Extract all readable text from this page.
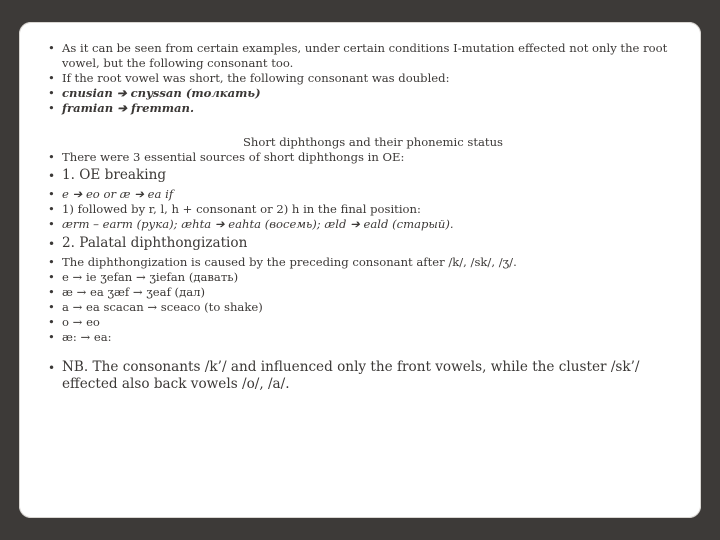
• As it can be seen from certain examples, under certain conditions I-mutation effected not only the root vowel, but the following consonant too.
• If the root vowel was short, the following consonant was doubled:
• cnusian ➔ cnyssan (толкать)
• framian ➔ fremman.
Short diphthongs and their phonemic status
• There were 3 essential sources of short diphthongs in OE:
• 1. OE breaking
• e ➔ eo or æ ➔ ea if
• 1) followed by r, l, h + consonant or 2) h in the final position:
• ærm – earm (рука); æhta ➔ eahta (восемь); æld ➔ eald (старый).
• 2. Palatal diphthongization
• The diphthongization is caused by the preceding consonant after /k/, /sk/, /ʒ/.
• e → ie ʒefan → ʒiefan (давать)
• æ → ea ʒæf → ʒeaf (дал)
• a → ea scacan → sceaco (to shake)
• o → eo
• æ: → ea:
• NB. The consonants /k’/ and influenced only the front vowels, while the cluster /sk’/ effected also back vowels /o/, /a/.
